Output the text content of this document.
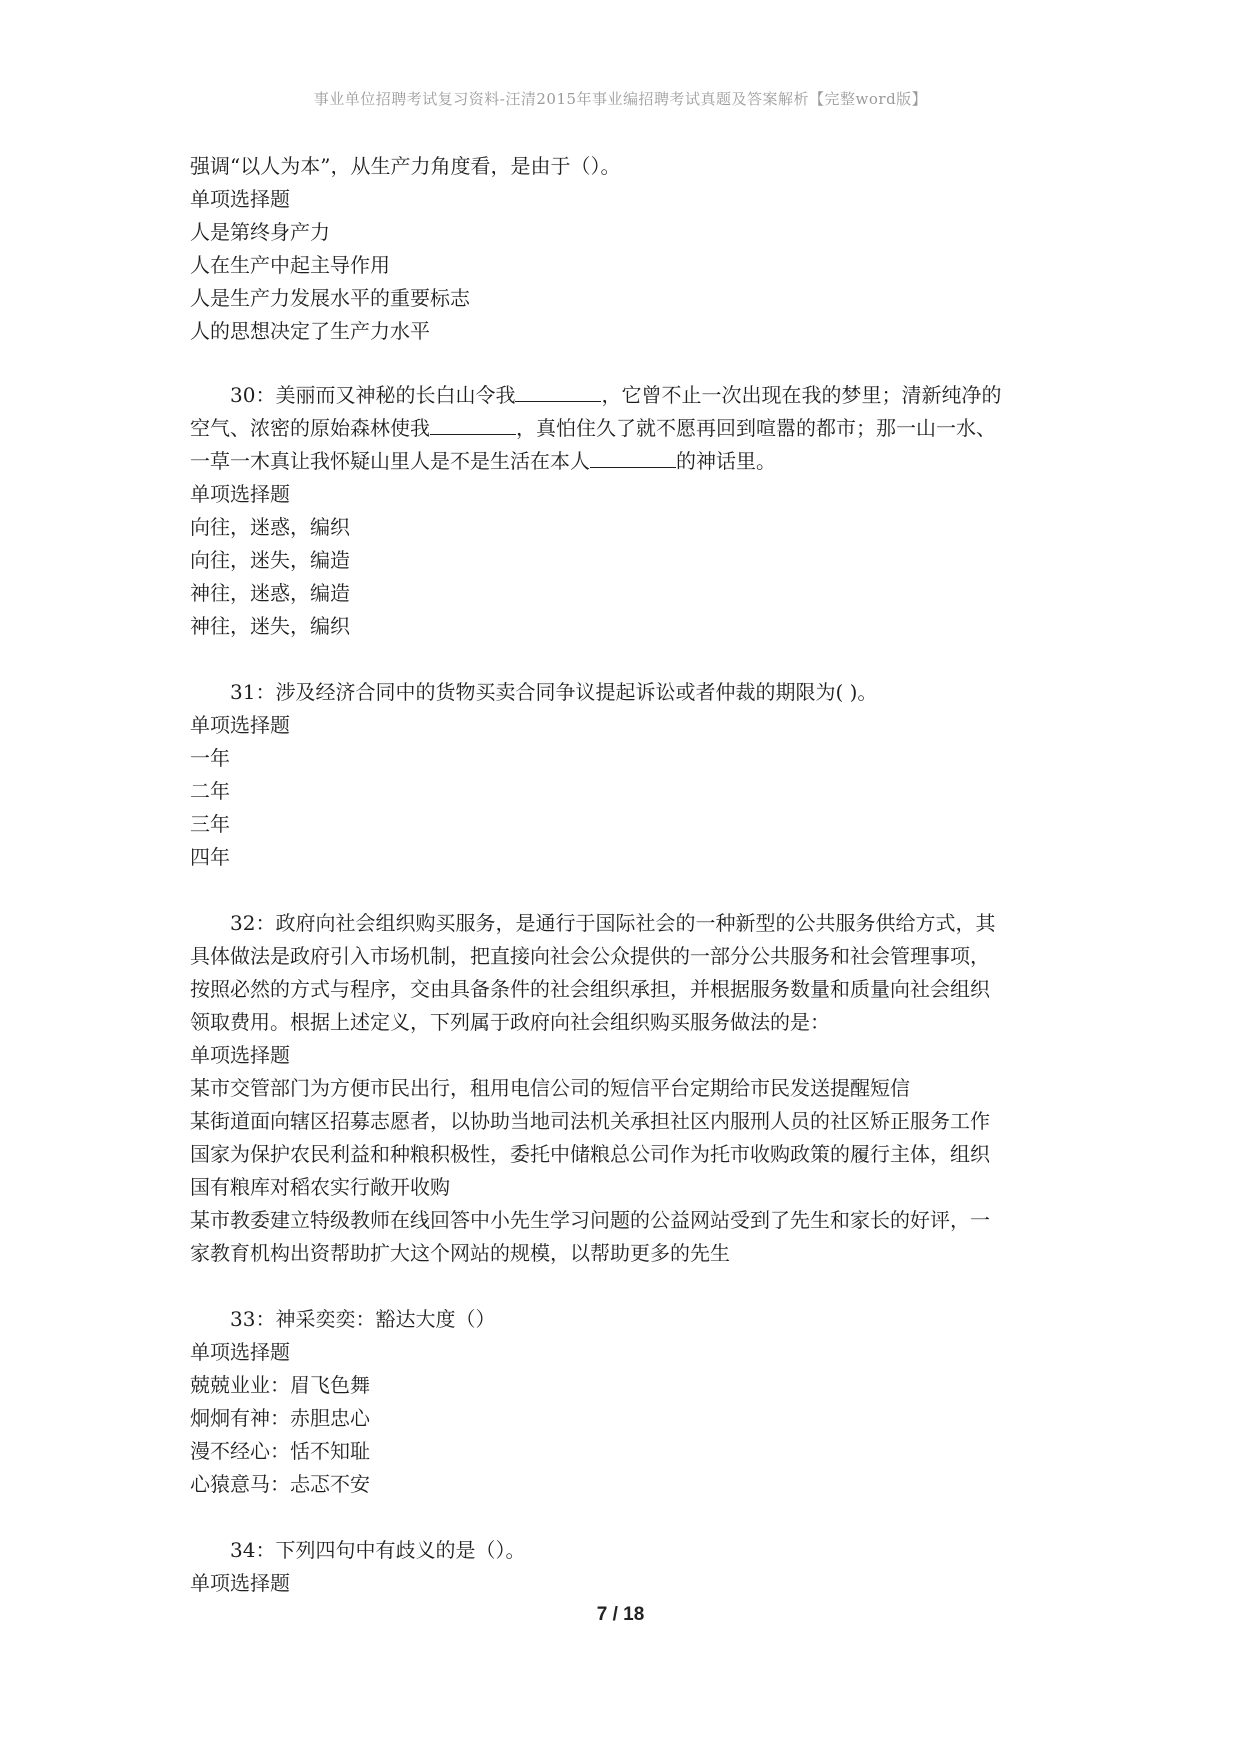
事业单位招聘考试复习资料-汪清2015年事业编招聘考试真题及答案解析【完整word版】
强调“以人为本”，从生产力角度看，是由于（）。
单项选择题
人是第终身产力
人在生产中起主导作用
人是生产力发展水平的重要标志
人的思想决定了生产力水平
30：美丽而又神秘的长白山令我	，它曾不止一次出现在我的梦里；清新纯净的
空气、浓密的原始森林使我	，真怕住久了就不愿再回到喧嚣的都市；那一山一水、
一草一木真让我怀疑山里人是不是生活在本人	的神话里。
单项选择题
向往，迷惑，编织
向往，迷失，编造
神往，迷惑，编造
神往，迷失，编织
31：涉及经济合同中的货物买卖合同争议提起诉讼或者仲裁的期限为( )。
单项选择题
一年
二年
三年
四年
32：政府向社会组织购买服务，是通行于国际社会的一种新型的公共服务供给方式，其
具体做法是政府引入市场机制，把直接向社会公众提供的一部分公共服务和社会管理事项，
按照必然的方式与程序，交由具备条件的社会组织承担，并根据服务数量和质量向社会组织
领取费用。根据上述定义，下列属于政府向社会组织购买服务做法的是：
单项选择题
某市交管部门为方便市民出行，租用电信公司的短信平台定期给市民发送提醒短信
某街道面向辖区招募志愿者，以协助当地司法机关承担社区内服刑人员的社区矫正服务工作
国家为保护农民利益和种粮积极性，委托中储粮总公司作为托市收购政策的履行主体，组织
国有粮库对稻农实行敞开收购
某市教委建立特级教师在线回答中小先生学习问题的公益网站受到了先生和家长的好评，一
家教育机构出资帮助扩大这个网站的规模，以帮助更多的先生
33：神采奕奕：豁达大度（）
单项选择题
兢兢业业：眉飞色舞
炯炯有神：赤胆忠心
漫不经心：恬不知耻
心猿意马：忐忑不安
34：下列四句中有歧义的是（）。
单项选择题
7 / 18
